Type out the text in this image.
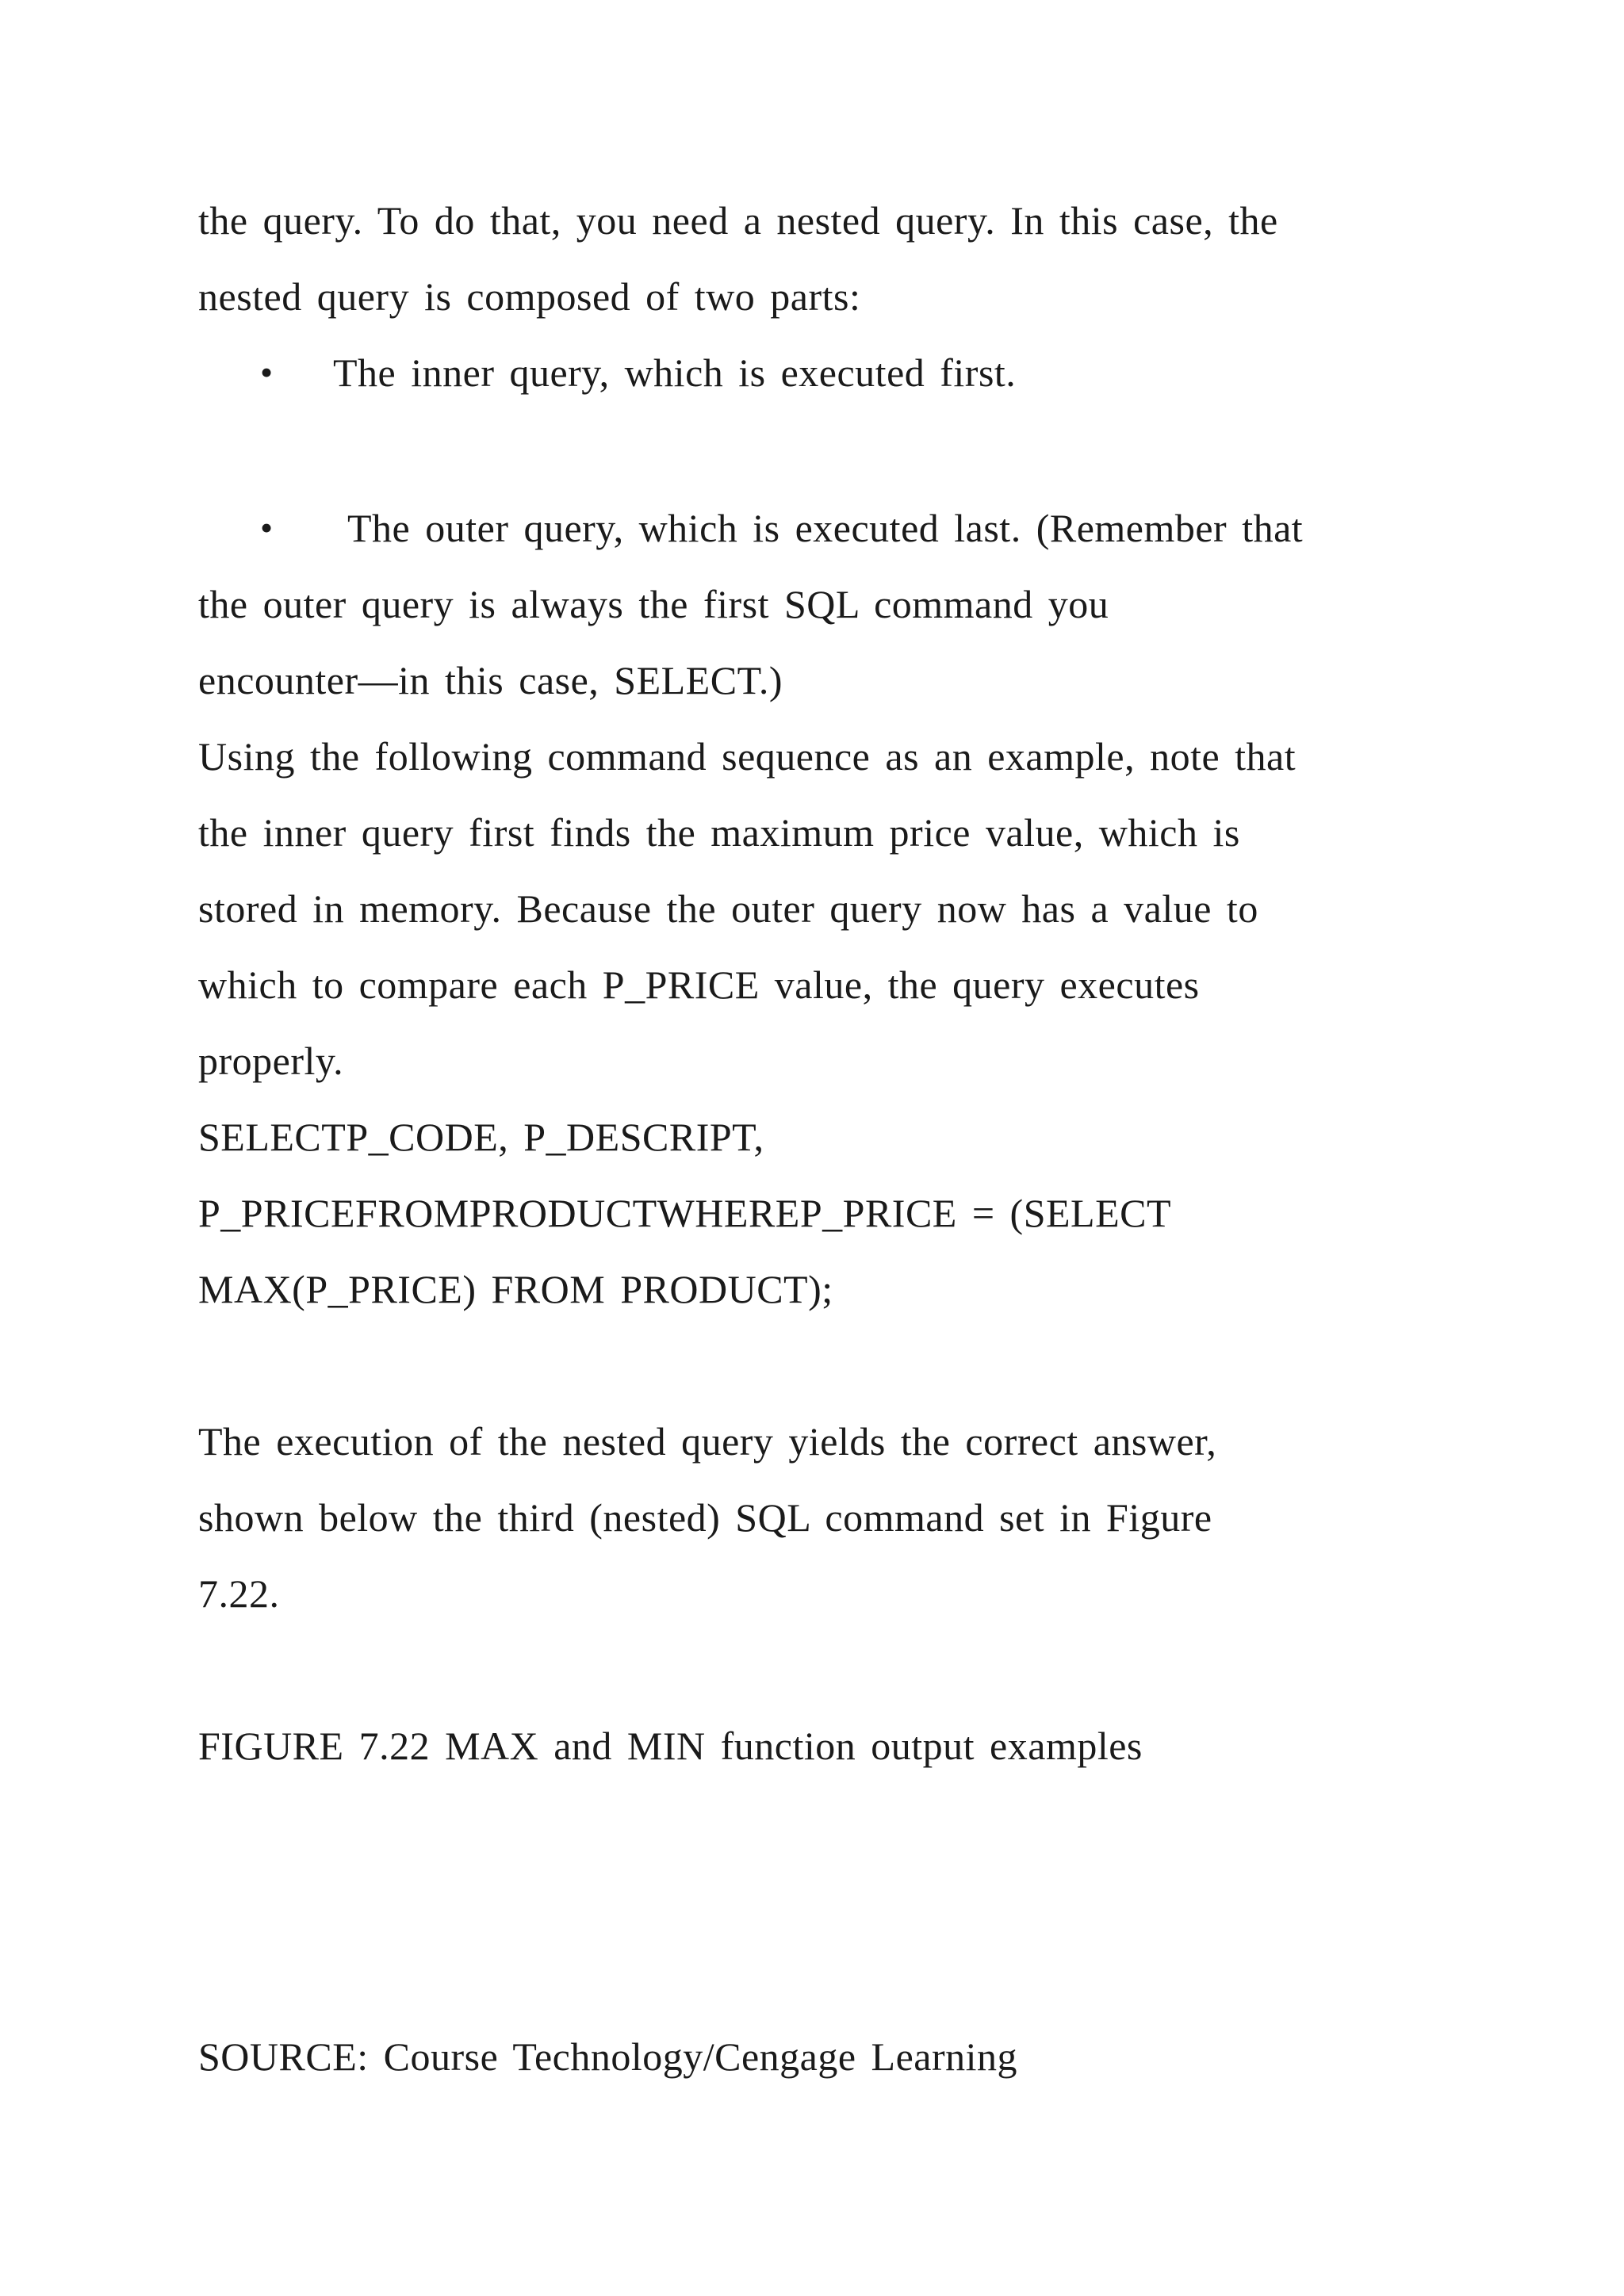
the query. To do that, you need a nested query. In this case, the
nested query is composed of two parts:
• The inner query, which is executed first.
• The outer query, which is executed last. (Remember that
the outer query is always the first SQL command you
encounter—in this case, SELECT.)
Using the following command sequence as an example, note that
the inner query first finds the maximum price value, which is
stored in memory. Because the outer query now has a value to
which to compare each P_PRICE value, the query executes
properly.
SELECTP_CODE, P_DESCRIPT,
P_PRICEFROMPRODUCTWHEREP_PRICE = (SELECT
MAX(P_PRICE) FROM PRODUCT);
The execution of the nested query yields the correct answer,
shown below the third (nested) SQL command set in Figure
7.22.
FIGURE 7.22 MAX and MIN function output examples
SOURCE: Course Technology/Cengage Learning
